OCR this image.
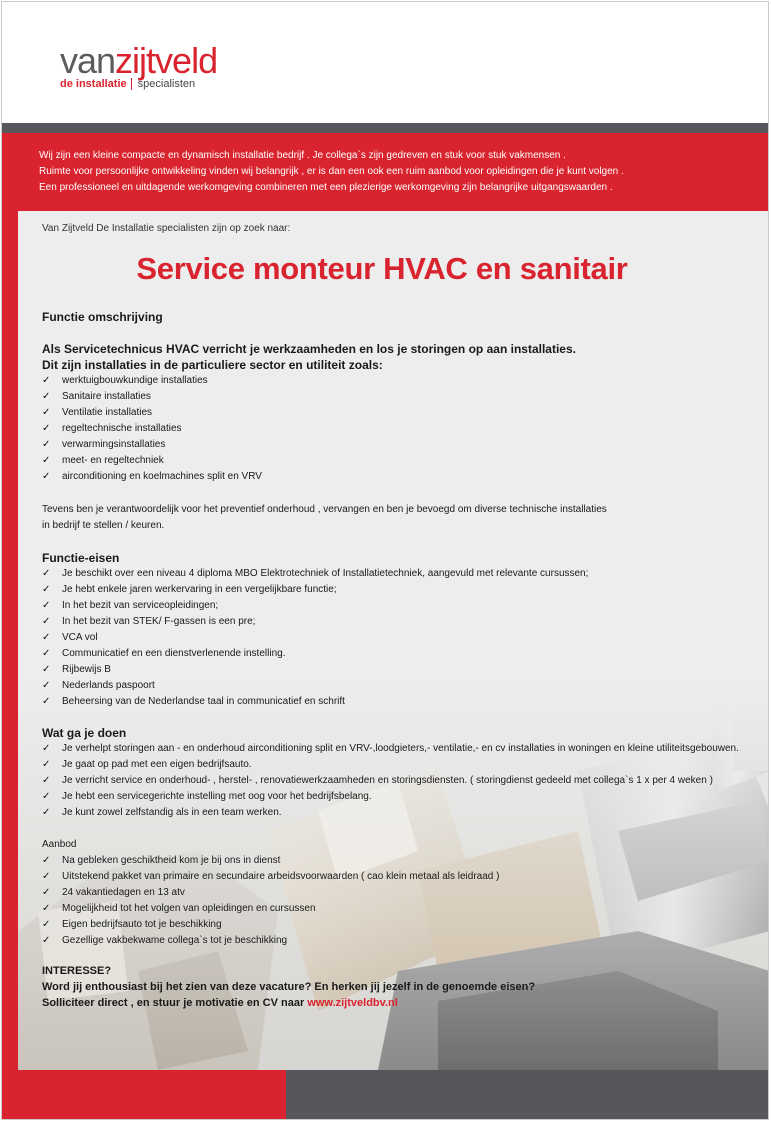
vanzijtveld
de installatie specialisten

Wij zijn een kleine compacte en dynamisch installatie bedrijf . Je collega`s zijn gedreven en stuk voor stuk vakmensen .

Ruimte voor persoonlijke ontwikkeling vinden wij belangrijk , er is dan een ook een ruim aanbod voor opleidingen die je kunt volgen .

Een professioneel en uitdagende werkomgeving combineren met een plezierige werkomgeving zijn belangrijke uitgangswaarden .

Van Zijtveld De Installatie specialisten zijn op zoek naar:
Service monteur HVAC en sanitair
Functie omschrijving
Als Servicetechnicus HVAC verricht je werkzaamheden en los je storingen op aan installaties.
Dit zijn installaties in de particuliere sector en utiliteit zoals:
✓	werktuigbouwkundige installaties
✓	Sanitaire installaties
✓	Ventilatie installaties
✓	regeltechnische installaties
✓	verwarmingsinstallaties
✓	meet- en regeltechniek
✓	airconditioning en koelmachines split en VRV
Tevens ben je verantwoordelijk voor het preventief onderhoud , vervangen en ben je bevoegd om diverse technische installaties
in bedrijf te stellen / keuren.
Functie-eisen
✓	Je beschikt over een niveau 4 diploma MBO Elektrotechniek of Installatietechniek, aangevuld met relevante cursussen;
✓	Je hebt enkele jaren werkervaring in een vergelijkbare functie;
✓	In het bezit van serviceopleidingen;
✓	In het bezit van STEK/ F-gassen is een pre;
✓	VCA vol
✓	Communicatief en een dienstverlenende instelling.
✓	Rijbewijs B
✓	Nederlands paspoort
✓	Beheersing van de Nederlandse taal in communicatief en schrift
Wat ga je doen
✓	Je verhelpt storingen aan - en onderhoud airconditioning split en VRV-,loodgieters,- ventilatie,- en cv installaties in woningen en kleine utiliteitsgebouwen.
✓	Je gaat op pad met een eigen bedrijfsauto.
✓	Je verricht service en onderhoud- , herstel- , renovatiewerkzaamheden en storingsdiensten. ( storingdienst gedeeld met collega`s 1 x per 4 weken )
✓	Je hebt een servicegerichte instelling met oog voor het bedrijfsbelang.
✓	Je kunt zowel zelfstandig als in een team werken.
Aanbod
✓	Na gebleken geschiktheid kom je bij ons in dienst
✓	Uitstekend pakket van primaire en secundaire arbeidsvoorwaarden ( cao klein metaal als leidraad )
✓	24 vakantiedagen en 13 atv
✓	Mogelijkheid tot het volgen van opleidingen en cursussen
✓	Eigen bedrijfsauto tot je beschikking
✓	Gezellige vakbekwame collega`s tot je beschikking
INTERESSE?
Word jij enthousiast bij het zien van deze vacature? En herken jij jezelf in de genoemde eisen?
Solliciteer direct , en stuur je motivatie en CV naar www.zijtveldbv.nl
